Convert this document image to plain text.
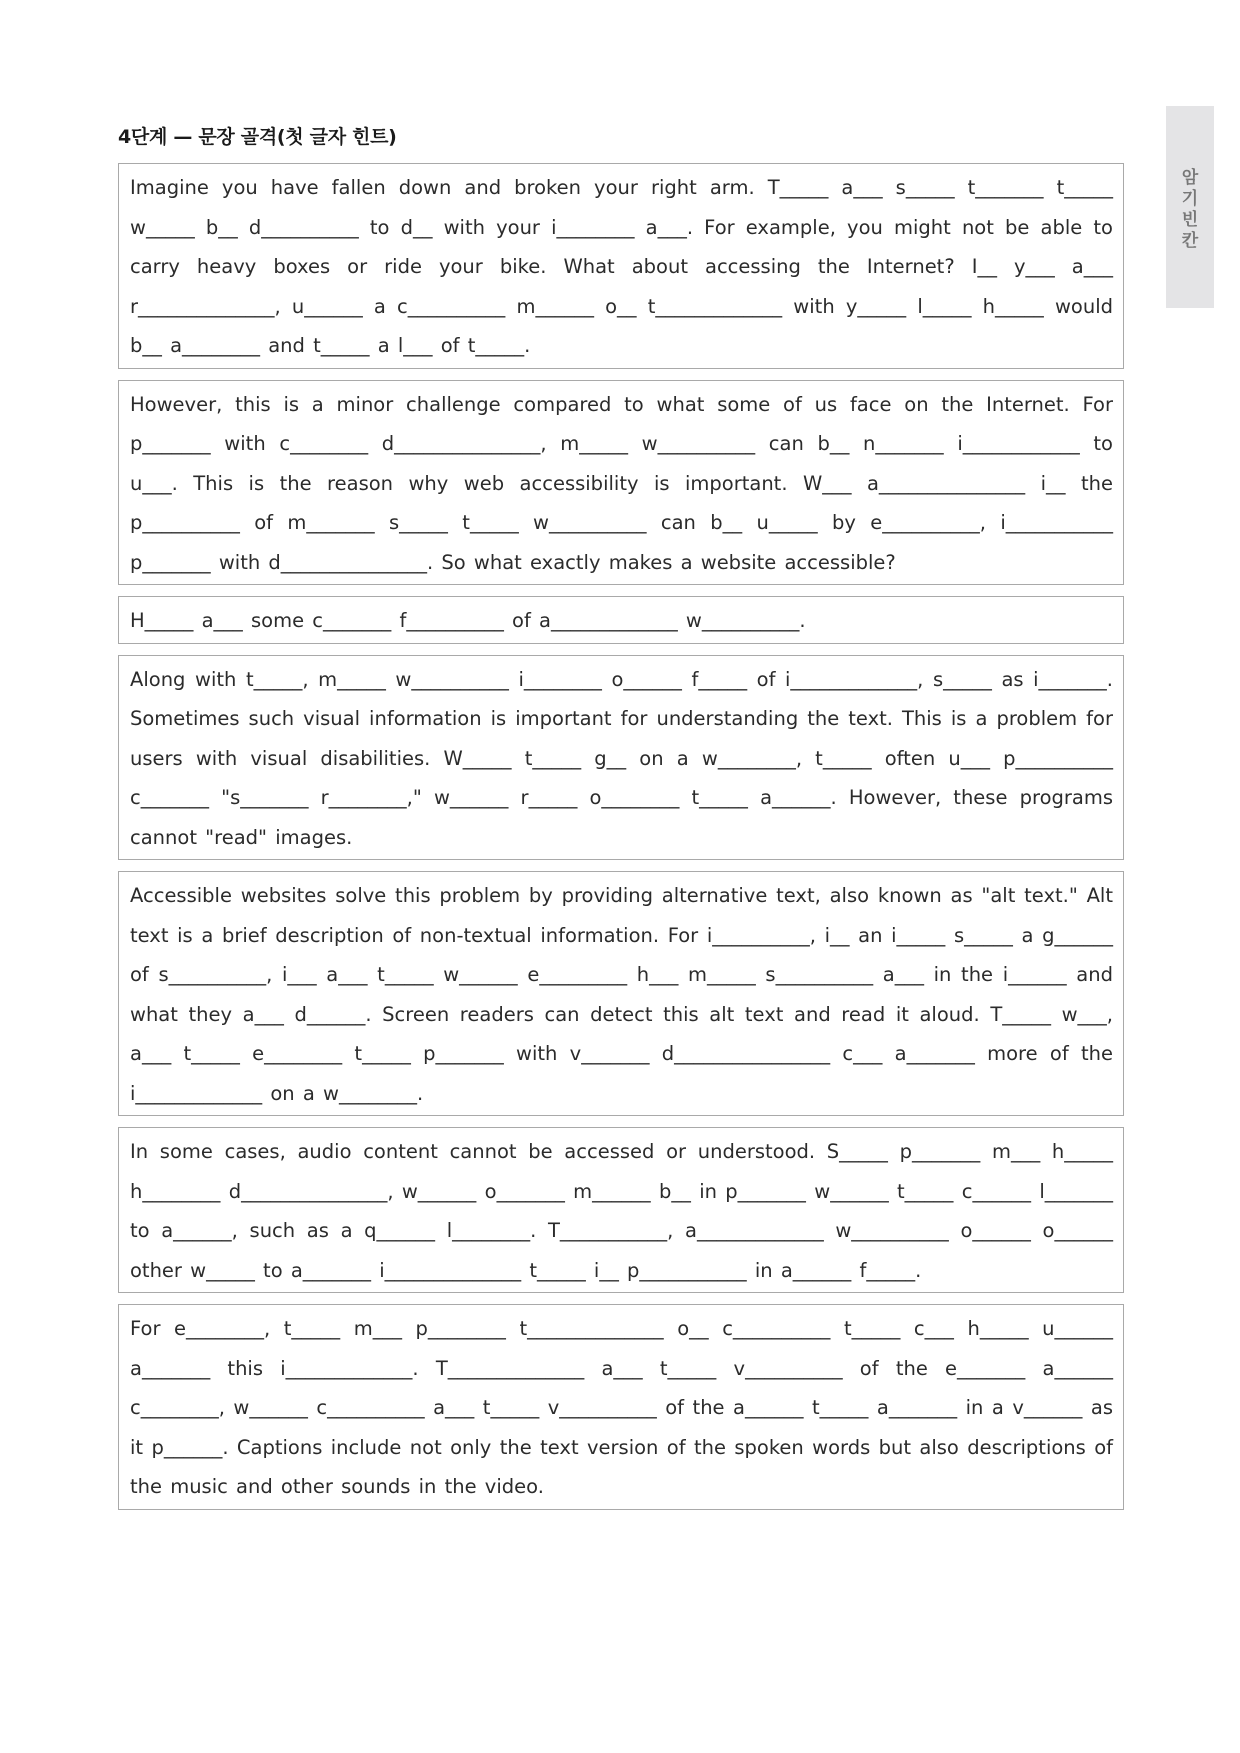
암
기
빈
칸
4단계 — 문장 골격(첫 글자 힌트)
Imagine you have fallen down and broken your right arm. T_____ a___ s_____ t_______ t_____ w_____ b__ d__________ to d__ with your i________ a___. For example, you might not be able to carry heavy boxes or ride your bike. What about accessing the Internet? I__ y___ a___ r______________, u______ a c__________ m______ o__ t_____________ with y_____ l_____ h_____ would b__ a________ and t_____ a l___ of t_____.
However, this is a minor challenge compared to what some of us face on the Internet. For p_______ with c________ d_______________, m_____ w__________ can b__ n_______ i____________ to u___. This is the reason why web accessibility is important. W___ a_______________ i__ the p__________ of m_______ s_____ t_____ w__________ can b__ u_____ by e__________, i___________ p_______ with d_______________. So what exactly makes a website accessible?
H_____ a___ some c_______ f__________ of a_____________ w__________.
Along with t_____, m_____ w__________ i________ o______ f_____ of i_____________, s_____ as i_______. Sometimes such visual information is important for understanding the text. This is a problem for users with visual disabilities. W_____ t_____ g__ on a w________, t_____ often u___ p__________ c_______ "s_______ r________," w______ r_____ o________ t_____ a______. However, these programs cannot "read" images.
Accessible websites solve this problem by providing alternative text, also known as "alt text." Alt text is a brief description of non-textual information. For i__________, i__ an i_____ s_____ a g______ of s__________, i___ a___ t_____ w______ e_________ h___ m_____ s__________ a___ in the i______ and what they a___ d______. Screen readers can detect this alt text and read it aloud. T_____ w___, a___ t_____ e________ t_____ p_______ with v_______ d________________ c___ a_______ more of the i_____________ on a w________.
In some cases, audio content cannot be accessed or understood. S_____ p_______ m___ h_____ h________ d_______________, w______ o_______ m______ b__ in p_______ w______ t_____ c______ l_______ to a______, such as a q______ l________. T___________, a_____________ w__________ o______ o______ other w_____ to a_______ i______________ t_____ i__ p___________ in a______ f_____.
For e________, t_____ m___ p________ t______________ o__ c__________ t_____ c___ h_____ u______ a_______ this i_____________. T______________ a___ t_____ v__________ of the e_______ a______ c________, w______ c__________ a___ t_____ v__________ of the a______ t_____ a_______ in a v______ as it p______. Captions include not only the text version of the spoken words but also descriptions of the music and other sounds in the video.
